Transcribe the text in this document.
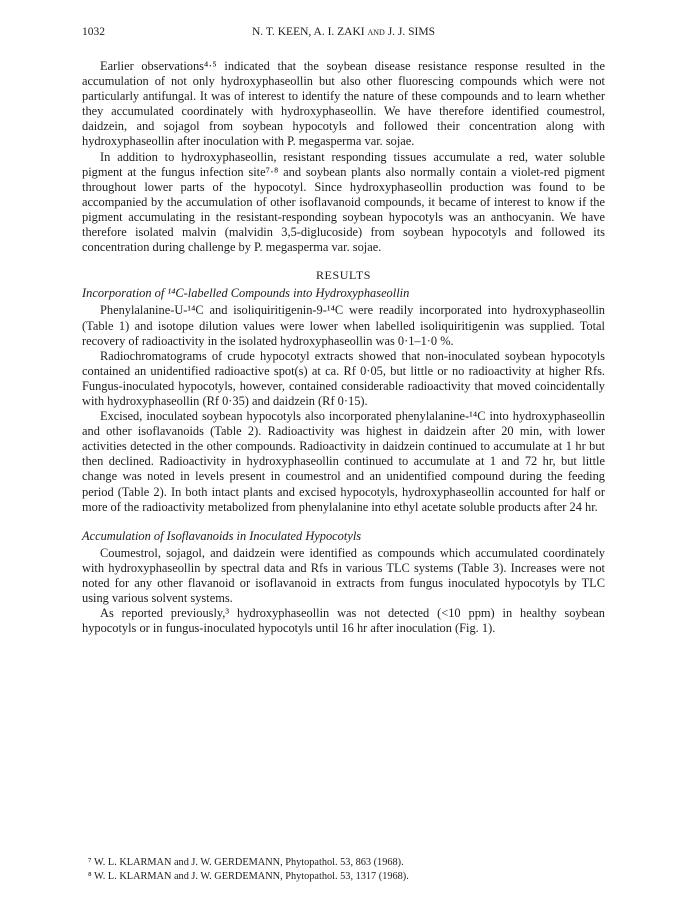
1032	N. T. KEEN, A. I. ZAKI and J. J. SIMS

Earlier observations⁴·⁵ indicated that the soybean disease resistance response resulted in the accumulation of not only hydroxyphaseollin but also other fluorescing compounds which were not particularly antifungal. It was of interest to identify the nature of these compounds and to learn whether they accumulated coordinately with hydroxyphaseollin. We have therefore identified coumestrol, daidzein, and sojagol from soybean hypocotyls and followed their concentration along with hydroxyphaseollin after inoculation with P. megasperma var. sojae.

In addition to hydroxyphaseollin, resistant responding tissues accumulate a red, water soluble pigment at the fungus infection site⁷·⁸ and soybean plants also normally contain a violet-red pigment throughout lower parts of the hypocotyl. Since hydroxyphaseollin production was found to be accompanied by the accumulation of other isoflavanoid compounds, it became of interest to know if the pigment accumulating in the resistant-responding soybean hypocotyls was an anthocyanin. We have therefore isolated malvin (malvidin 3,5-diglucoside) from soybean hypocotyls and followed its concentration during challenge by P. megasperma var. sojae.

RESULTS
Incorporation of ¹⁴C-labelled Compounds into Hydroxyphaseollin

Phenylalanine-U-¹⁴C and isoliquiritigenin-9-¹⁴C were readily incorporated into hydroxyphaseollin (Table 1) and isotope dilution values were lower when labelled isoliquiritigenin was supplied. Total recovery of radioactivity in the isolated hydroxyphaseollin was 0·1–1·0 %.

Radiochromatograms of crude hypocotyl extracts showed that non-inoculated soybean hypocotyls contained an unidentified radioactive spot(s) at ca. Rf 0·05, but little or no radioactivity at higher Rfs. Fungus-inoculated hypocotyls, however, contained considerable radioactivity that moved coincidentally with hydroxyphaseollin (Rf 0·35) and daidzein (Rf 0·15).

Excised, inoculated soybean hypocotyls also incorporated phenylalanine-¹⁴C into hydroxyphaseollin and other isoflavanoids (Table 2). Radioactivity was highest in daidzein after 20 min, with lower activities detected in the other compounds. Radioactivity in daidzein continued to accumulate at 1 hr but then declined. Radioactivity in hydroxyphaseollin continued to accumulate at 1 and 72 hr, but little change was noted in levels present in coumestrol and an unidentified compound during the feeding period (Table 2). In both intact plants and excised hypocotyls, hydroxyphaseollin accounted for half or more of the radioactivity metabolized from phenylalanine into ethyl acetate soluble products after 24 hr.

Accumulation of Isoflavanoids in Inoculated Hypocotyls

Coumestrol, sojagol, and daidzein were identified as compounds which accumulated coordinately with hydroxyphaseollin by spectral data and Rfs in various TLC systems (Table 3). Increases were not noted for any other flavanoid or isoflavanoid in extracts from fungus inoculated hypocotyls by TLC using various solvent systems.

As reported previously,³ hydroxyphaseollin was not detected (<10 ppm) in healthy soybean hypocotyls or in fungus-inoculated hypocotyls until 16 hr after inoculation (Fig. 1).

⁷ W. L. KLARMAN and J. W. GERDEMANN, Phytopathol. 53, 863 (1968).
⁸ W. L. KLARMAN and J. W. GERDEMANN, Phytopathol. 53, 1317 (1968).
